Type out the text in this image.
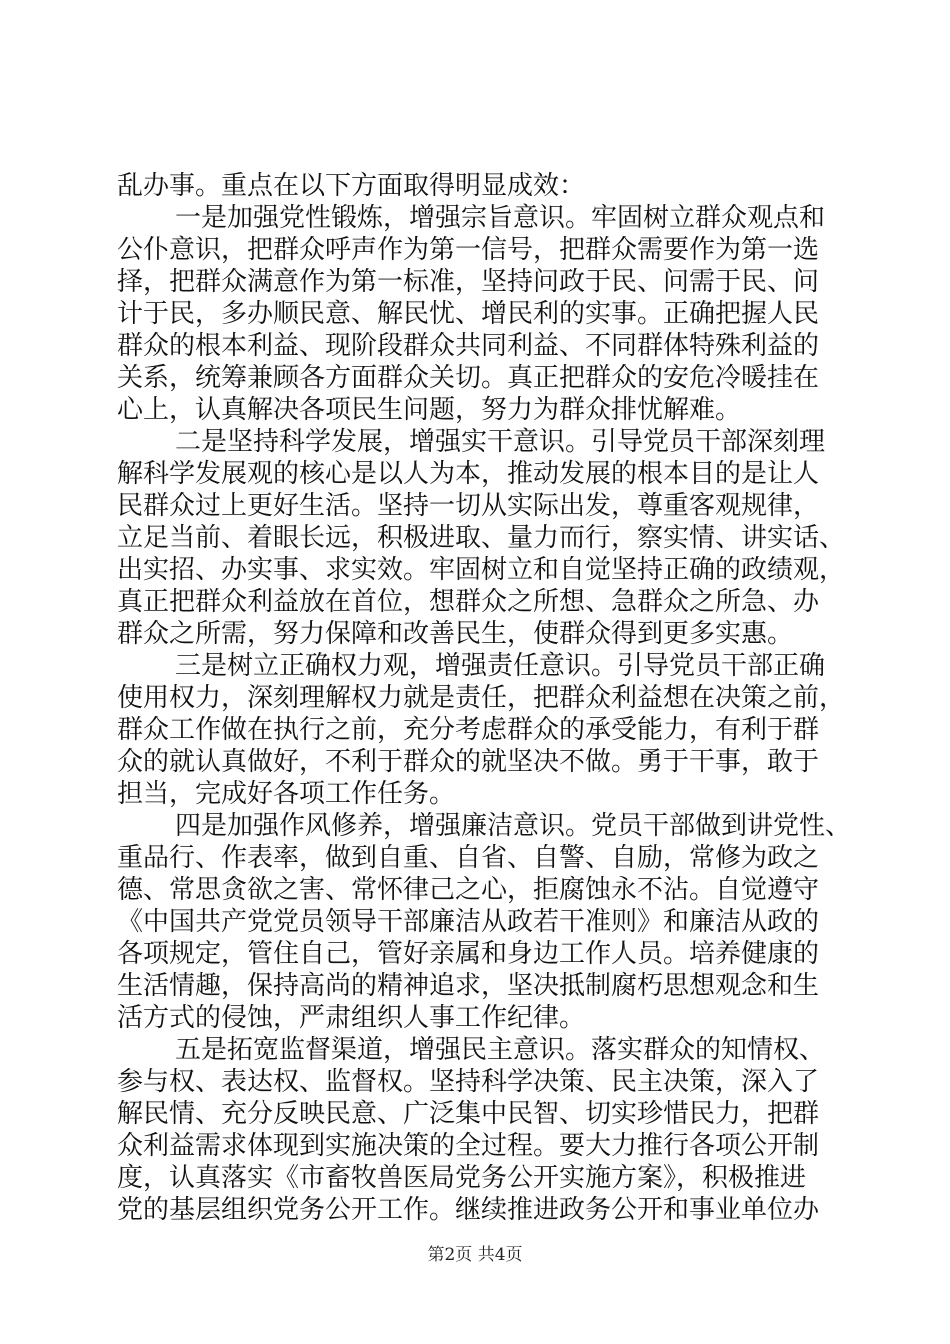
乱办事。重点在以下方面取得明显成效：
一是加强党性锻炼，增强宗旨意识。牢固树立群众观点和
公仆意识，把群众呼声作为第一信号，把群众需要作为第一选
择，把群众满意作为第一标准，坚持问政于民、问需于民、问
计于民，多办顺民意、解民忧、增民利的实事。正确把握人民
群众的根本利益、现阶段群众共同利益、不同群体特殊利益的
关系，统筹兼顾各方面群众关切。真正把群众的安危冷暖挂在
心上，认真解决各项民生问题，努力为群众排忧解难。
二是坚持科学发展，增强实干意识。引导党员干部深刻理
解科学发展观的核心是以人为本，推动发展的根本目的是让人
民群众过上更好生活。坚持一切从实际出发，尊重客观规律，
立足当前、着眼长远，积极进取、量力而行，察实情、讲实话、
出实招、办实事、求实效。牢固树立和自觉坚持正确的政绩观，
真正把群众利益放在首位，想群众之所想、急群众之所急、办
群众之所需，努力保障和改善民生，使群众得到更多实惠。
三是树立正确权力观，增强责任意识。引导党员干部正确
使用权力，深刻理解权力就是责任，把群众利益想在决策之前，
群众工作做在执行之前，充分考虑群众的承受能力，有利于群
众的就认真做好，不利于群众的就坚决不做。勇于干事，敢于
担当，完成好各项工作任务。
四是加强作风修养，增强廉洁意识。党员干部做到讲党性、
重品行、作表率，做到自重、自省、自警、自励，常修为政之
德、常思贪欲之害、常怀律己之心，拒腐蚀永不沾。自觉遵守
《中国共产党党员领导干部廉洁从政若干准则》和廉洁从政的
各项规定，管住自己，管好亲属和身边工作人员。培养健康的
生活情趣，保持高尚的精神追求，坚决抵制腐朽思想观念和生
活方式的侵蚀，严肃组织人事工作纪律。
五是拓宽监督渠道，增强民主意识。落实群众的知情权、
参与权、表达权、监督权。坚持科学决策、民主决策，深入了
解民情、充分反映民意、广泛集中民智、切实珍惜民力，把群
众利益需求体现到实施决策的全过程。要大力推行各项公开制
度，认真落实《市畜牧兽医局党务公开实施方案》，积极推进
党的基层组织党务公开工作。继续推进政务公开和事业单位办
第2页 共4页
